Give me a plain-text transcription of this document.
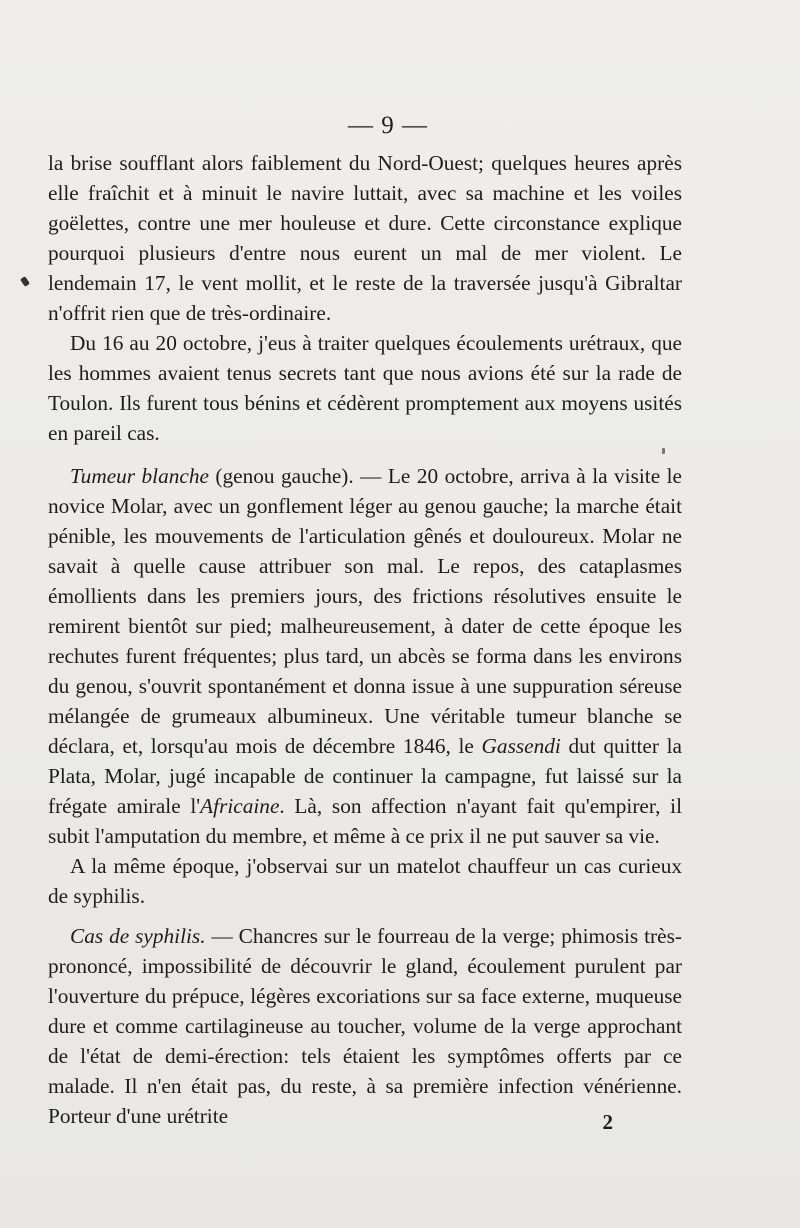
— 9 —

la brise soufflant alors faiblement du Nord-Ouest; quelques heures après elle fraîchit et à minuit le navire luttait, avec sa machine et les voiles goëlettes, contre une mer houleuse et dure. Cette circonstance explique pourquoi plusieurs d'entre nous eurent un mal de mer violent. Le lendemain 17, le vent mollit, et le reste de la traversée jusqu'à Gibraltar n'offrit rien que de très-ordinaire.

Du 16 au 20 octobre, j'eus à traiter quelques écoulements urétraux, que les hommes avaient tenus secrets tant que nous avions été sur la rade de Toulon. Ils furent tous bénins et cédèrent promptement aux moyens usités en pareil cas.

Tumeur blanche (genou gauche). — Le 20 octobre, arriva à la visite le novice Molar, avec un gonflement léger au genou gauche; la marche était pénible, les mouvements de l'articulation gênés et douloureux. Molar ne savait à quelle cause attribuer son mal. Le repos, des cataplasmes émollients dans les premiers jours, des frictions résolutives ensuite le remirent bientôt sur pied; malheureusement, à dater de cette époque les rechutes furent fréquentes; plus tard, un abcès se forma dans les environs du genou, s'ouvrit spontanément et donna issue à une suppuration séreuse mélangée de grumeaux albumineux. Une véritable tumeur blanche se déclara, et, lorsqu'au mois de décembre 1846, le Gassendi dut quitter la Plata, Molar, jugé incapable de continuer la campagne, fut laissé sur la frégate amirale l'Africaine. Là, son affection n'ayant fait qu'empirer, il subit l'amputation du membre, et même à ce prix il ne put sauver sa vie.

A la même époque, j'observai sur un matelot chauffeur un cas curieux de syphilis.

Cas de syphilis. — Chancres sur le fourreau de la verge; phimosis très-prononcé, impossibilité de découvrir le gland, écoulement purulent par l'ouverture du prépuce, légères excoriations sur sa face externe, muqueuse dure et comme cartilagineuse au toucher, volume de la verge approchant de l'état de demi-érection: tels étaient les symptômes offerts par ce malade. Il n'en était pas, du reste, à sa première infection vénérienne. Porteur d'une urétrite	2
